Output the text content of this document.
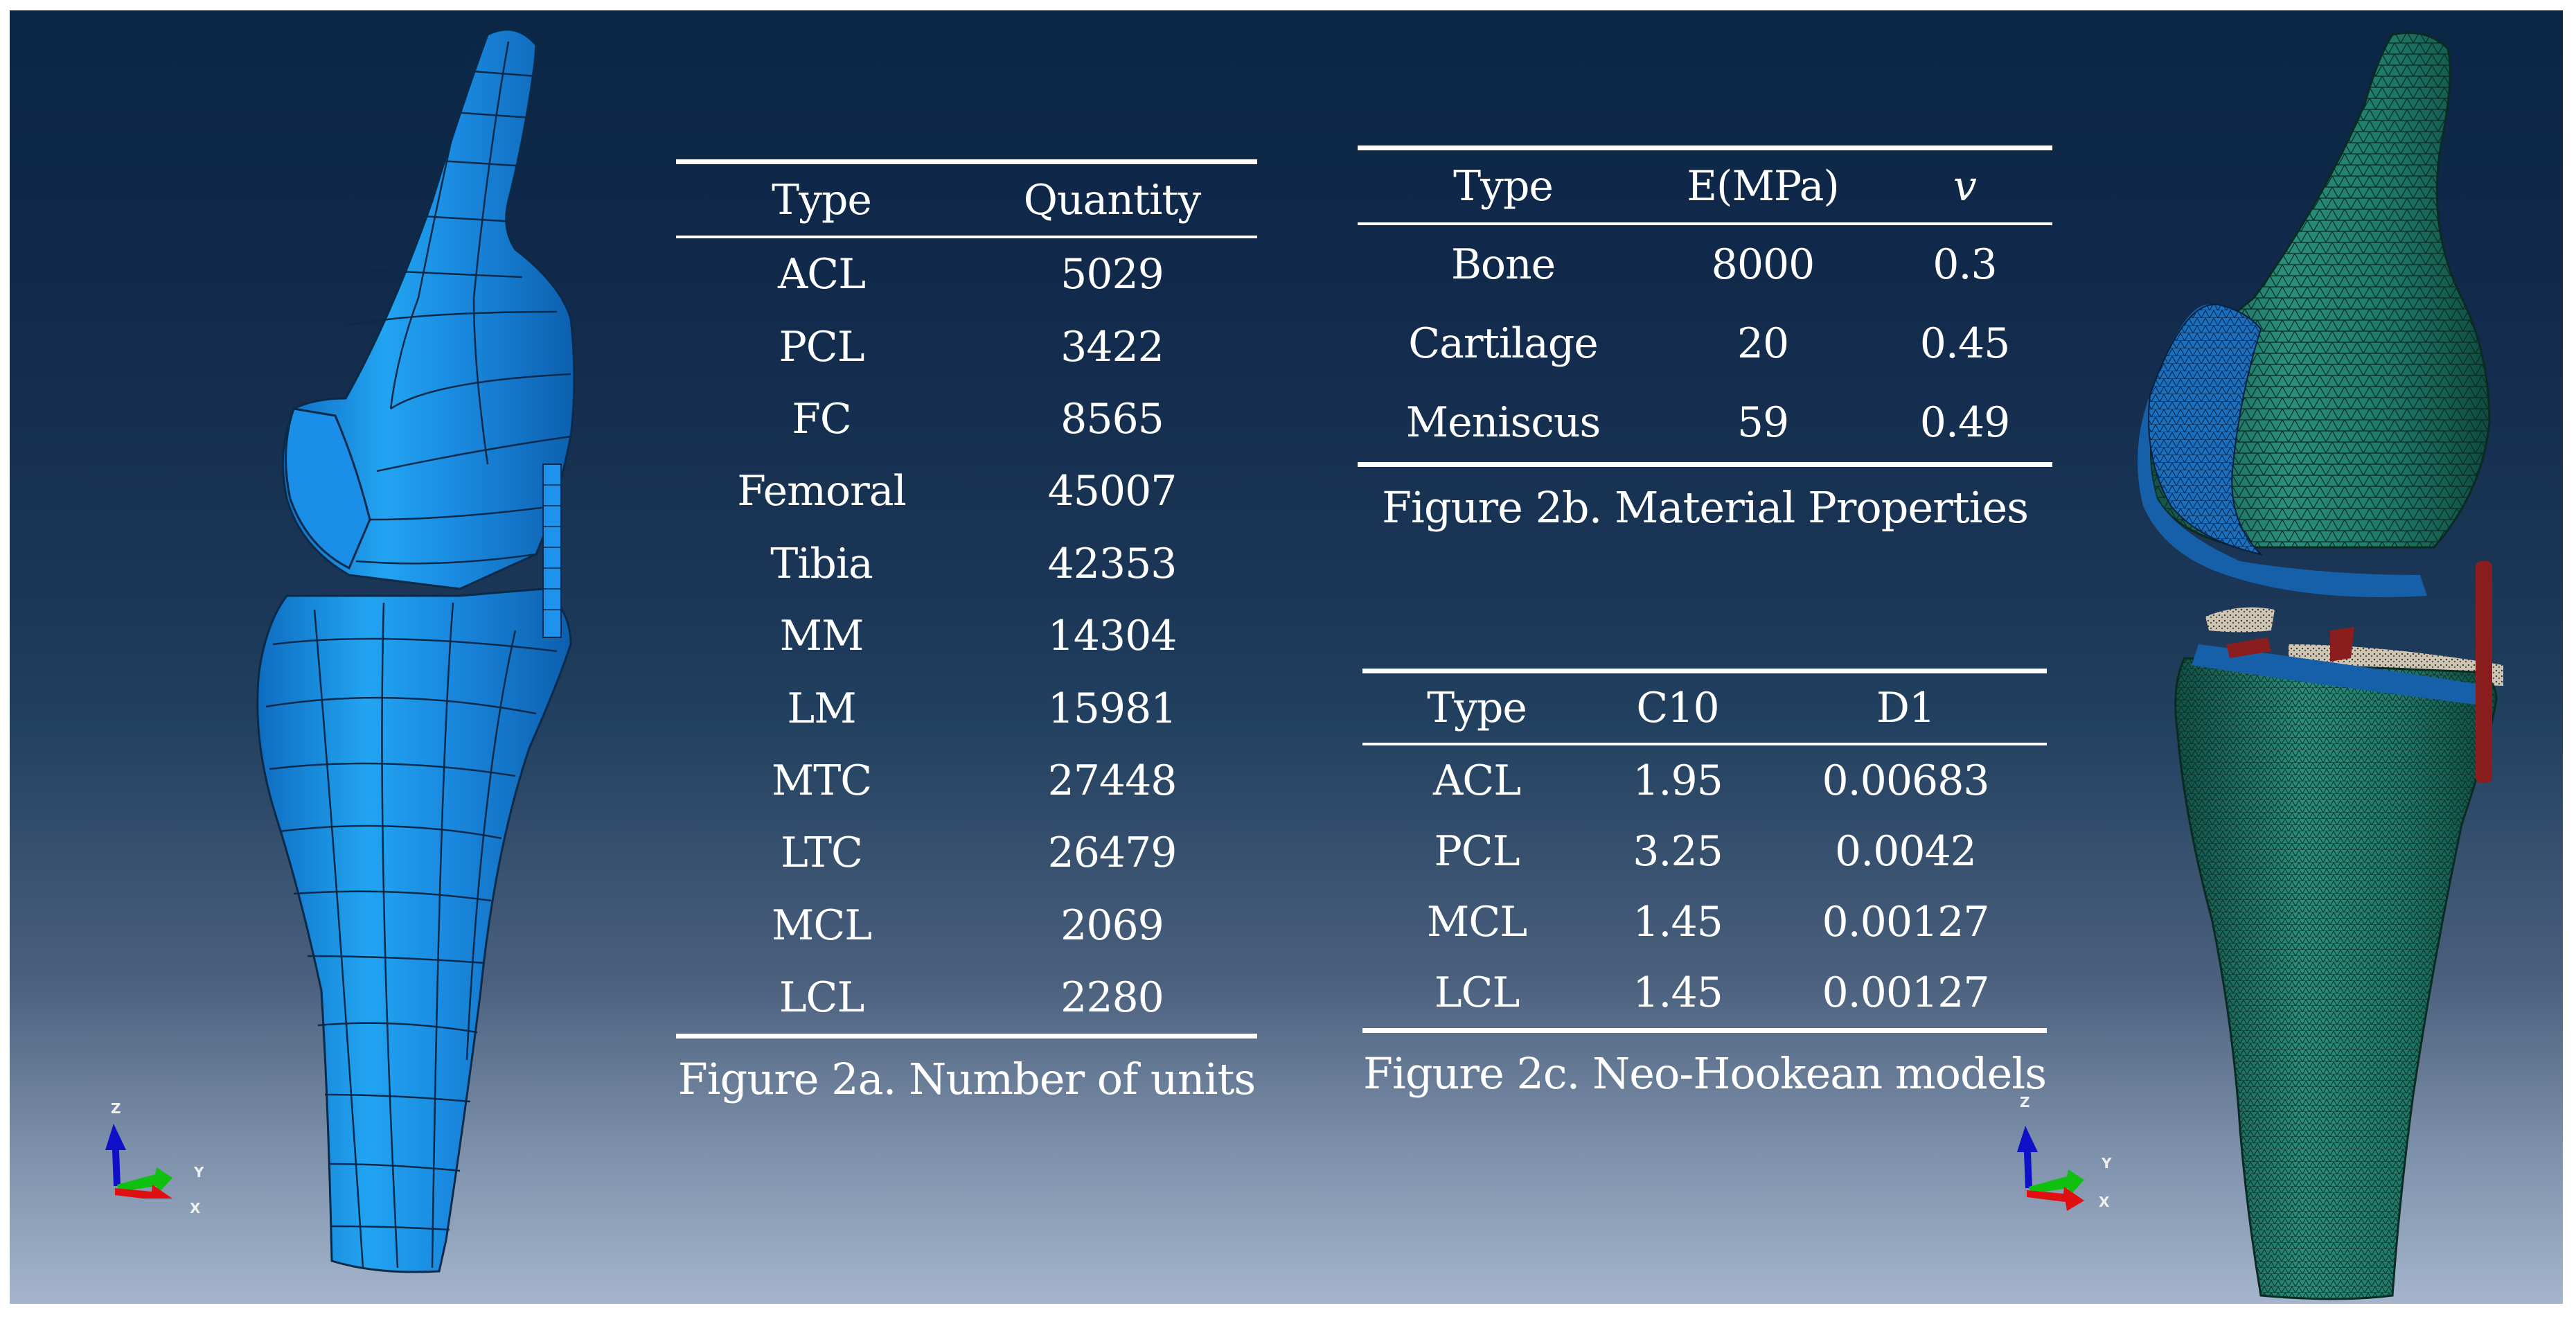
Z
Y
X
Type	Quantity
ACL	5029
PCL	3422
FC	8565
Femoral	45007
Tibia	42353
MM	14304
LM	15981
MTC	27448
LTC	26479
MCL	2069
LCL	2280
Figure 2a. Number of units
Type	E(MPa)	v
Bone	8000	0.3
Cartilage	20	0.45
Meniscus	59	0.49
Figure 2b. Material Properties
Type	C10	D1
ACL	1.95	0.00683
PCL	3.25	0.0042
MCL	1.45	0.00127
LCL	1.45	0.00127
Figure 2c. Neo-Hookean models
Z
Y
X
